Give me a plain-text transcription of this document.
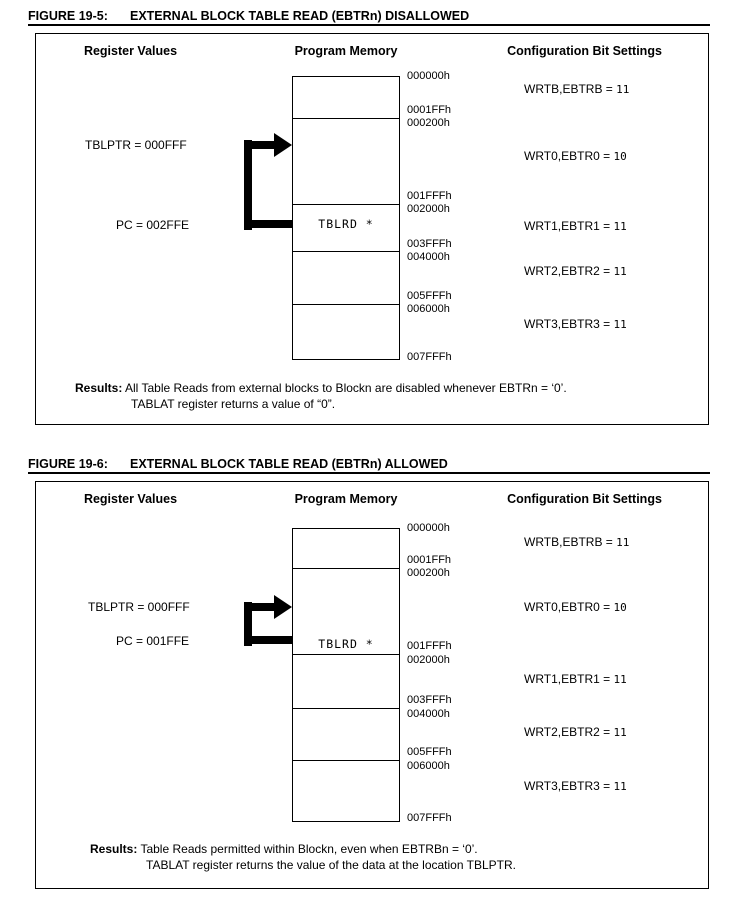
FIGURE 19-5: EXTERNAL BLOCK TABLE READ (EBTRn) DISALLOWED
Register Values	Program Memory	Configuration Bit Settings
TBLRD *
000000h
0001FFh
000200h
001FFFh
002000h
003FFFh
004000h
005FFFh
006000h
007FFFh
TBLPTR = 000FFF
PC = 002FFE
WRTB,EBTRB = 11
WRT0,EBTR0 = 10
WRT1,EBTR1 = 11
WRT2,EBTR2 = 11
WRT3,EBTR3 = 11
Results: All Table Reads from external blocks to Blockn are disabled whenever EBTRn = ‘0’.
TABLAT register returns a value of “0”.
FIGURE 19-6: EXTERNAL BLOCK TABLE READ (EBTRn) ALLOWED
Register Values	Program Memory	Configuration Bit Settings
TBLRD *
000000h
0001FFh
000200h
001FFFh
002000h
003FFFh
004000h
005FFFh
006000h
007FFFh
TBLPTR = 000FFF
PC = 001FFE
WRTB,EBTRB = 11
WRT0,EBTR0 = 10
WRT1,EBTR1 = 11
WRT2,EBTR2 = 11
WRT3,EBTR3 = 11
Results: Table Reads permitted within Blockn, even when EBTRBn = ‘0’.
TABLAT register returns the value of the data at the location TBLPTR.
